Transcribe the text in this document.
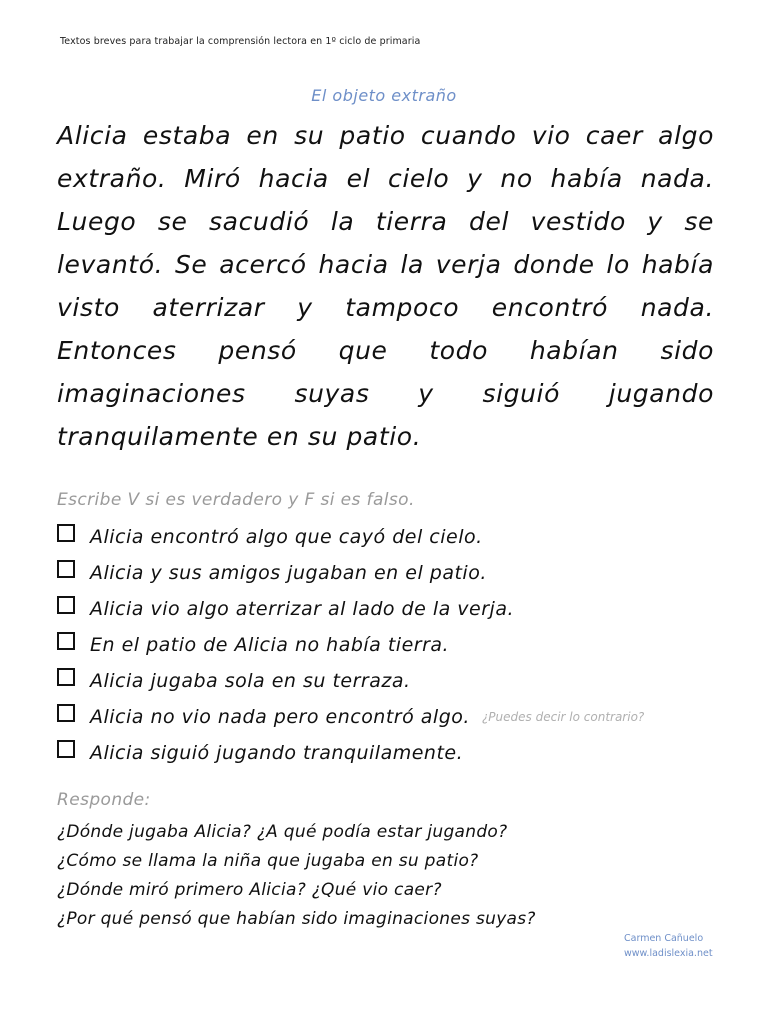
Textos breves para trabajar la comprensión lectora en 1º ciclo de primaria
El objeto extraño

Alicia estaba en su patio cuando vio caer algo extraño. Miró hacia el cielo y no había nada. Luego se sacudió la tierra del vestido y se levantó. Se acercó hacia la verja donde lo había visto aterrizar y tampoco encontró nada. Entonces pensó que todo habían sido imaginaciones suyas y siguió jugando tranquilamente en su patio.

Escribe V si es verdadero y F si es falso.
Alicia encontró algo que cayó del cielo.
Alicia y sus amigos jugaban en el patio.
Alicia vio algo aterrizar al lado de la verja.
En el patio de Alicia no había tierra.
Alicia jugaba sola en su terraza.
Alicia no vio nada pero encontró algo. ¿Puedes decir lo contrario?
Alicia siguió jugando tranquilamente.
Responde:
¿Dónde jugaba Alicia? ¿A qué podía estar jugando?
¿Cómo se llama la niña que jugaba en su patio?
¿Dónde miró primero Alicia? ¿Qué vio caer?
¿Por qué pensó que habían sido imaginaciones suyas?
Carmen Cañuelo
www.ladislexia.net
